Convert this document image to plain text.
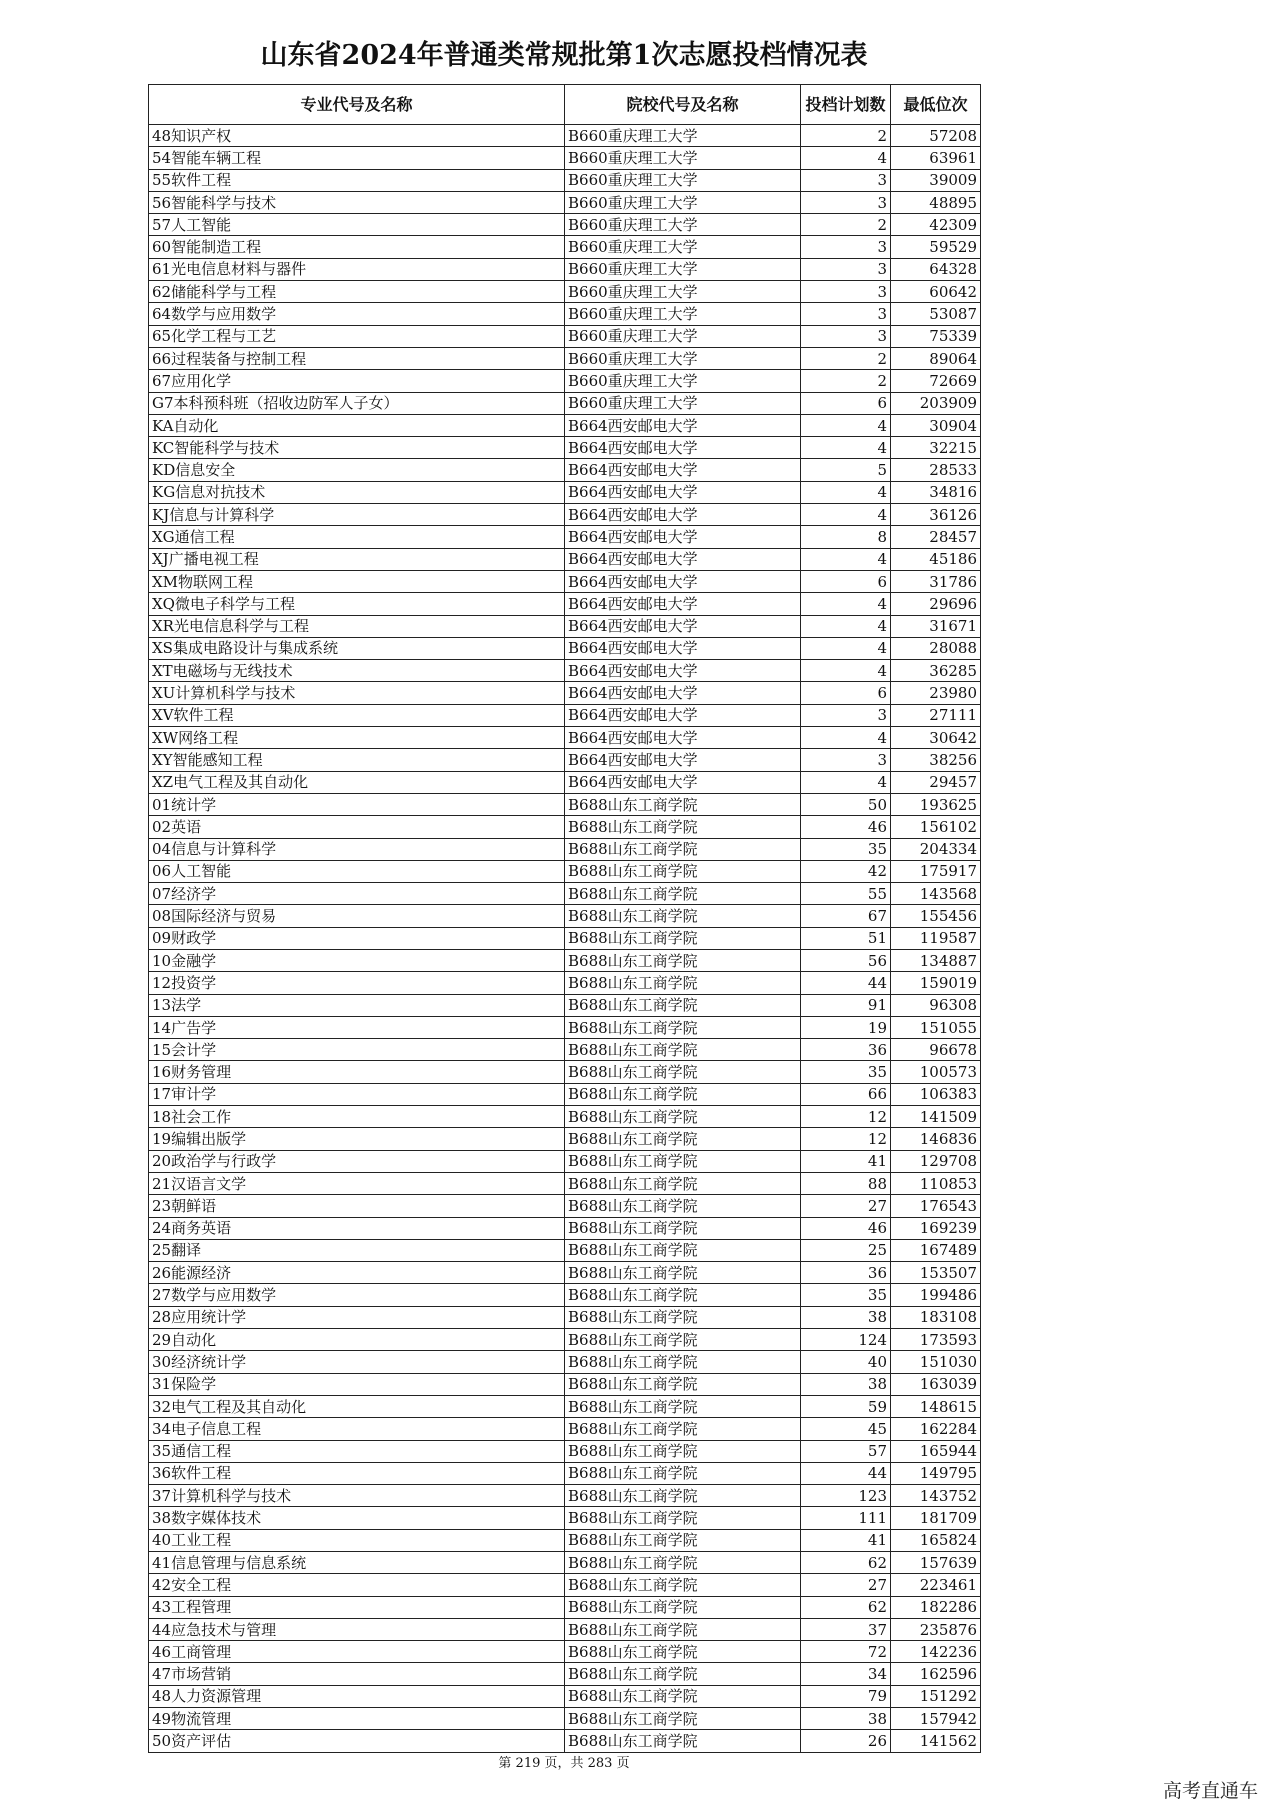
山东省2024年普通类常规批第1次志愿投档情况表
专业代号及名称	院校代号及名称	投档计划数	最低位次
48知识产权	B660重庆理工大学	2	57208
54智能车辆工程	B660重庆理工大学	4	63961
55软件工程	B660重庆理工大学	3	39009
56智能科学与技术	B660重庆理工大学	3	48895
57人工智能	B660重庆理工大学	2	42309
60智能制造工程	B660重庆理工大学	3	59529
61光电信息材料与器件	B660重庆理工大学	3	64328
62储能科学与工程	B660重庆理工大学	3	60642
64数学与应用数学	B660重庆理工大学	3	53087
65化学工程与工艺	B660重庆理工大学	3	75339
66过程装备与控制工程	B660重庆理工大学	2	89064
67应用化学	B660重庆理工大学	2	72669
G7本科预科班（招收边防军人子女）	B660重庆理工大学	6	203909
KA自动化	B664西安邮电大学	4	30904
KC智能科学与技术	B664西安邮电大学	4	32215
KD信息安全	B664西安邮电大学	5	28533
KG信息对抗技术	B664西安邮电大学	4	34816
KJ信息与计算科学	B664西安邮电大学	4	36126
XG通信工程	B664西安邮电大学	8	28457
XJ广播电视工程	B664西安邮电大学	4	45186
XM物联网工程	B664西安邮电大学	6	31786
XQ微电子科学与工程	B664西安邮电大学	4	29696
XR光电信息科学与工程	B664西安邮电大学	4	31671
XS集成电路设计与集成系统	B664西安邮电大学	4	28088
XT电磁场与无线技术	B664西安邮电大学	4	36285
XU计算机科学与技术	B664西安邮电大学	6	23980
XV软件工程	B664西安邮电大学	3	27111
XW网络工程	B664西安邮电大学	4	30642
XY智能感知工程	B664西安邮电大学	3	38256
XZ电气工程及其自动化	B664西安邮电大学	4	29457
01统计学	B688山东工商学院	50	193625
02英语	B688山东工商学院	46	156102
04信息与计算科学	B688山东工商学院	35	204334
06人工智能	B688山东工商学院	42	175917
07经济学	B688山东工商学院	55	143568
08国际经济与贸易	B688山东工商学院	67	155456
09财政学	B688山东工商学院	51	119587
10金融学	B688山东工商学院	56	134887
12投资学	B688山东工商学院	44	159019
13法学	B688山东工商学院	91	96308
14广告学	B688山东工商学院	19	151055
15会计学	B688山东工商学院	36	96678
16财务管理	B688山东工商学院	35	100573
17审计学	B688山东工商学院	66	106383
18社会工作	B688山东工商学院	12	141509
19编辑出版学	B688山东工商学院	12	146836
20政治学与行政学	B688山东工商学院	41	129708
21汉语言文学	B688山东工商学院	88	110853
23朝鲜语	B688山东工商学院	27	176543
24商务英语	B688山东工商学院	46	169239
25翻译	B688山东工商学院	25	167489
26能源经济	B688山东工商学院	36	153507
27数学与应用数学	B688山东工商学院	35	199486
28应用统计学	B688山东工商学院	38	183108
29自动化	B688山东工商学院	124	173593
30经济统计学	B688山东工商学院	40	151030
31保险学	B688山东工商学院	38	163039
32电气工程及其自动化	B688山东工商学院	59	148615
34电子信息工程	B688山东工商学院	45	162284
35通信工程	B688山东工商学院	57	165944
36软件工程	B688山东工商学院	44	149795
37计算机科学与技术	B688山东工商学院	123	143752
38数字媒体技术	B688山东工商学院	111	181709
40工业工程	B688山东工商学院	41	165824
41信息管理与信息系统	B688山东工商学院	62	157639
42安全工程	B688山东工商学院	27	223461
43工程管理	B688山东工商学院	62	182286
44应急技术与管理	B688山东工商学院	37	235876
46工商管理	B688山东工商学院	72	142236
47市场营销	B688山东工商学院	34	162596
48人力资源管理	B688山东工商学院	79	151292
49物流管理	B688山东工商学院	38	157942
50资产评估	B688山东工商学院	26	141562
第 219 页，共 283 页
高考直通车
